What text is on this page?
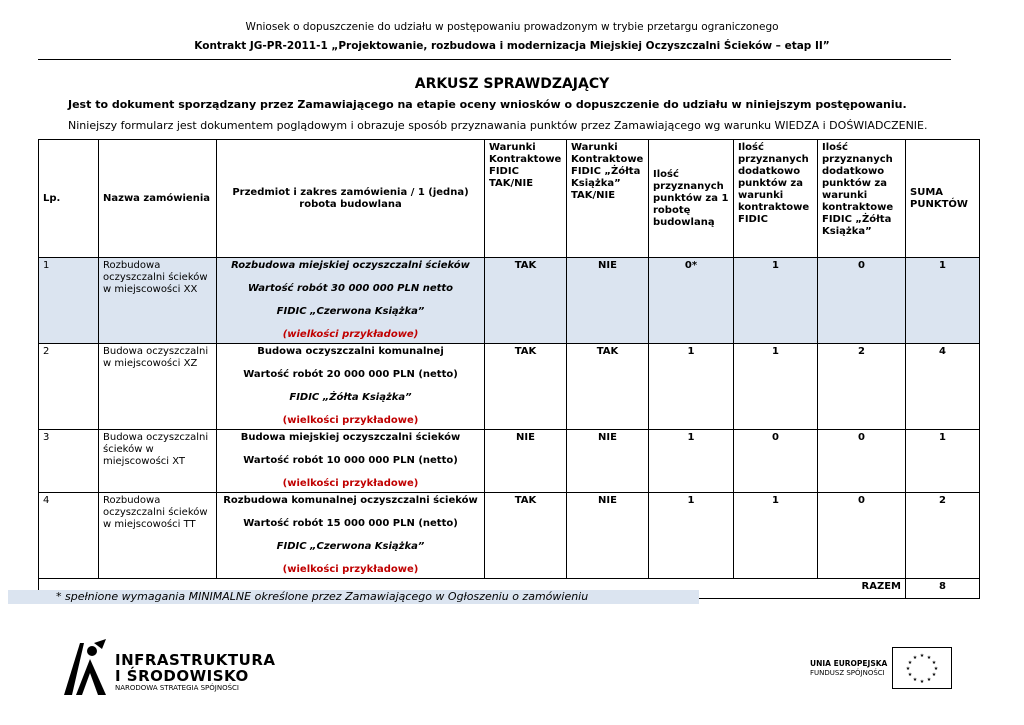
Wniosek o dopuszczenie do udziału w postępowaniu prowadzonym w trybie przetargu ograniczonego
Kontrakt JG-PR-2011-1 „Projektowanie, rozbudowa i modernizacja Miejskiej Oczyszczalni Ścieków – etap II”
ARKUSZ SPRAWDZAJĄCY
Jest to dokument sporządzany przez Zamawiającego na etapie oceny wniosków o dopuszczenie do udziału w niniejszym postępowaniu.
Niniejszy formularz jest dokumentem poglądowym i obrazuje sposób przyznawania punktów przez Zamawiającego wg warunku WIEDZA i DOŚWIADCZENIE.
Lp.	Nazwa zamówienia	Przedmiot i zakres zamówienia / 1 (jedna) robota budowlana	Warunki Kontraktowe FIDIC TAK/NIE	Warunki Kontraktowe FIDIC „Żółta Książka” TAK/NIE	Ilość przyznanych punktów za 1 robotę budowlaną	Ilość przyznanych dodatkowo punktów za warunki kontraktowe FIDIC	Ilość przyznanych dodatkowo punktów za warunki kontraktowe FIDIC „Żółta Książka”	SUMA PUNKTÓW
1	Rozbudowa oczyszczalni ścieków w miejscowości XX	Rozbudowa miejskiej oczyszczalni ścieków
Wartość robót 30 000 000 PLN netto
FIDIC „Czerwona Książka”
(wielkości przykładowe)	TAK	NIE	0*	1	0	1
2	Budowa oczyszczalni w miejscowości XZ	Budowa oczyszczalni komunalnej
Wartość robót 20 000 000 PLN (netto)
FIDIC „Żółta Książka”
(wielkości przykładowe)	TAK	TAK	1	1	2	4
3	Budowa oczyszczalni ścieków w miejscowości XT	Budowa miejskiej oczyszczalni ścieków
Wartość robót 10 000 000 PLN (netto)
(wielkości przykładowe)	NIE	NIE	1	0	0	1
4	Rozbudowa oczyszczalni ścieków w miejscowości TT	Rozbudowa komunalnej oczyszczalni ścieków
Wartość robót 15 000 000 PLN (netto)
FIDIC „Czerwona Książka”
(wielkości przykładowe)	TAK	NIE	1	1	0	2
RAZEM								8
* spełnione wymagania MINIMALNE określone przez Zamawiającego w Ogłoszeniu o zamówieniu
INFRASTRUKTURA
I ŚRODOWISKO
NARODOWA STRATEGIA SPÓJNOŚCI
UNIA EUROPEJSKA
FUNDUSZ SPÓJNOŚCI
★ ★
★
★
★
★
★
★
★
★
★
★
